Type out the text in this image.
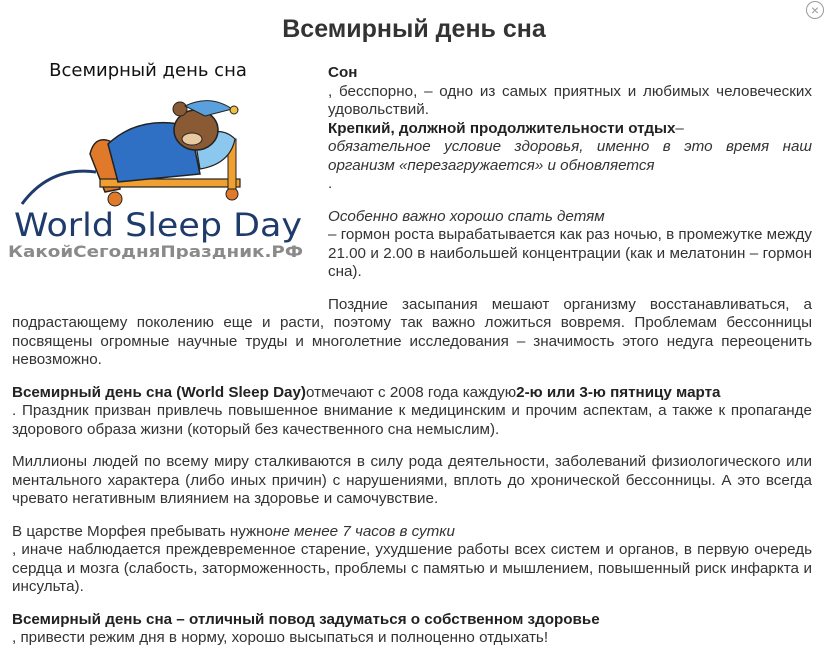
×
Всемирный день сна
Всемирный день сна
World Sleep Day
КакойСегодняПраздник.РФ

Сон, бесспорно, – одно из самых приятных и любимых человеческих удовольствий.Крепкий, должной продолжительности отдых–обязательное условие здоровья, именно в это время наш организм «перезагружается» и обновляется.

Особенно важно хорошо спать детям– гормон роста вырабатывается как раз ночью, в промежутке между 21.00 и 2.00 в наибольшей концентрации (как и мелатонин – гормон сна).

Поздние засыпания мешают организму восстанавливаться, а подрастающему поколению еще и расти, поэтому так важно ложиться вовремя. Проблемам бессонницы посвящены огромные научные труды и многолетние исследования – значимость этого недуга переоценить невозможно.

Всемирный день сна (World Sleep Day)отмечают с 2008 года каждую2-ю или 3-ю пятницу марта. Праздник призван привлечь повышенное внимание к медицинским и прочим аспектам, а также к пропаганде здорового образа жизни (который без качественного сна немыслим).

Миллионы людей по всему миру сталкиваются в силу рода деятельности, заболеваний физиологического или ментального характера (либо иных причин) с нарушениями, вплоть до хронической бессонницы. А это всегда чревато негативным влиянием на здоровье и самочувствие.

В царстве Морфея пребывать нужноне менее 7 часов в сутки, иначе наблюдается преждевременное старение, ухудшение работы всех систем и органов, в первую очередь сердца и мозга (слабость, заторможенность, проблемы с памятью и мышлением, повышенный риск инфаркта и инсульта).

Всемирный день сна – отличный повод задуматься о собственном здоровье, привести режим дня в норму, хорошо высыпаться и полноценно отдыхать!
